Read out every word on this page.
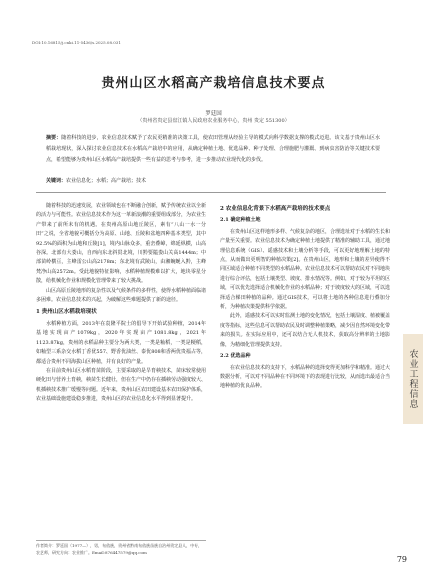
DOI:10.16815/j.cnki.11-5436/s.2025.08.031
贵州山区水稻高产栽培信息技术要点
罗廷国
（贵州省贵定县盘江镇人民政府农业服务中心，贵州 贵定 551300）
摘要：随着科技的进步，农业信息技术赋予了农民更精准的决策工具，使农田管理从经验主导的模式向科学数据支撑的模式迈进。该文基于贵州山区水稻栽培现状，深入探讨农业信息技术在水稻高产栽培中的应用，从确定种植土地、优选品种、种子处理、合理施肥与灌溉、到病虫害防治等关键技术要点，希望能够为贵州山区水稻高产栽培提供一些有益的思考与参考，进一步推动农业现代化的步伐。
关键词：农业信息化；水稻；高产栽培；技术

随着科技的迅速发展，农业领域也在不断融合创新，赋予传统农业以全新的活力与可能性。农业信息技术作为这一革新浪潮的重要组成部分，为农业生产带来了前所未有的机遇。在贵州高原山地丘陵区，素有“八山一水一分田”之说，全省地貌可概括分为高原、山地、丘陵和盆地四种基本类型，其中92.5%的面积为山地和丘陵[1]，境内山脉众多，重峦叠嶂，绵延纵横，山高谷深。北部有大娄山，自西向东北斜贯北境，川黔要隘娄山关高1444m；中部苗岭横亘，主峰雷公山高2178m；东北境有武陵山，由湘蜿蜒入黔，主峰梵净山高2572m。受此地貌特征影响，水稻种植规模难以扩大，地块零星分散，给机械化作业和规模化管理带来了较大挑战。

山区高原丘陵地形的复杂性以及气候条件的多样性，使得水稻种植面临诸多困难。农业信息技术的兴起，为破解这些难题提供了新的途径。

1 贵州山区水稻栽培现状

水稻种植方面，2013年在袁隆平院士的倡导下开始试验种植，2014年基地实现亩产1079kg，2020年实现亩产1081.8kg，2021年1123.87kg，贵州的水稻品种主要分为两大类，一类是籼稻，一类是粳稻，如籼型三系杂交水稻丁香优557、野香优油丝、泰优808和香两优贵福占等，都适合贵州不同海拔山区种植，并有良好的产量。

在目前贵州山区水稻育苗阶段，主要采取的是旱育秧技术，苗床较常使用硬化田与营养土育秧，秧苗生长健壮，但在生产中仍存在插秧劳动强度较大、机插秧技术推广缓慢等问题。近年来，贵州山区农田建设基本农田保护体系，农业基础设施建设稳步推进，贵州山区的农业信息化水平得到显著提升。

2 农业信息化背景下水稻高产栽培的技术要点
2.1 确定种植土地

在贵州山区这样地形多样、气候复杂的地区，合理选址对于水稻的生长和产量至关重要。农业信息技术为确定种植土地提供了精准的辅助工具，通过地理信息系统（GIS）、遥感技术和土壤分析等手段，可以更好地理解土地的特点，从而做出更明智的种植决策[2]。在贵州山区，地形和土壤的差异使得不同区域适合种植不同类型的水稻品种。农业信息技术可以帮助农民对不同地块进行综合评估，包括土壤类型、坡度、排水情况等。例如，对于较为平坦的区域，可以优先选择适合机械化作业的水稻品种；对于坡度较大的区域，可以选择适合梯田种植的品种。通过GIS技术，可以将土地的各种信息进行叠加分析，为种植决策提供科学依据。

此外，遥感技术可以实时监测土地的变化情况，包括土壤湿度、植被覆盖度等指标，这些信息可以帮助农民及时调整种植策略，减少因自然环境变化带来的损失。在实际应用中，还可以结合无人机技术，获取高分辨率的土地影像，为精细化管理提供支持。

2.2 优选品种

在农业信息技术的支持下，水稻品种的选择变得更加科学和精准。通过大数据分析，可以对不同品种在不同环境下的表现进行比较，从而选出最适合当地种植的优良品种。

作者简介：罗廷国（1977—），男，布依族，贵州省黔南布依族苗族自治州贵定县人，中专，农艺师，研究方向：农业推广。Email:876447579@qq.com
农业工程信息
79
